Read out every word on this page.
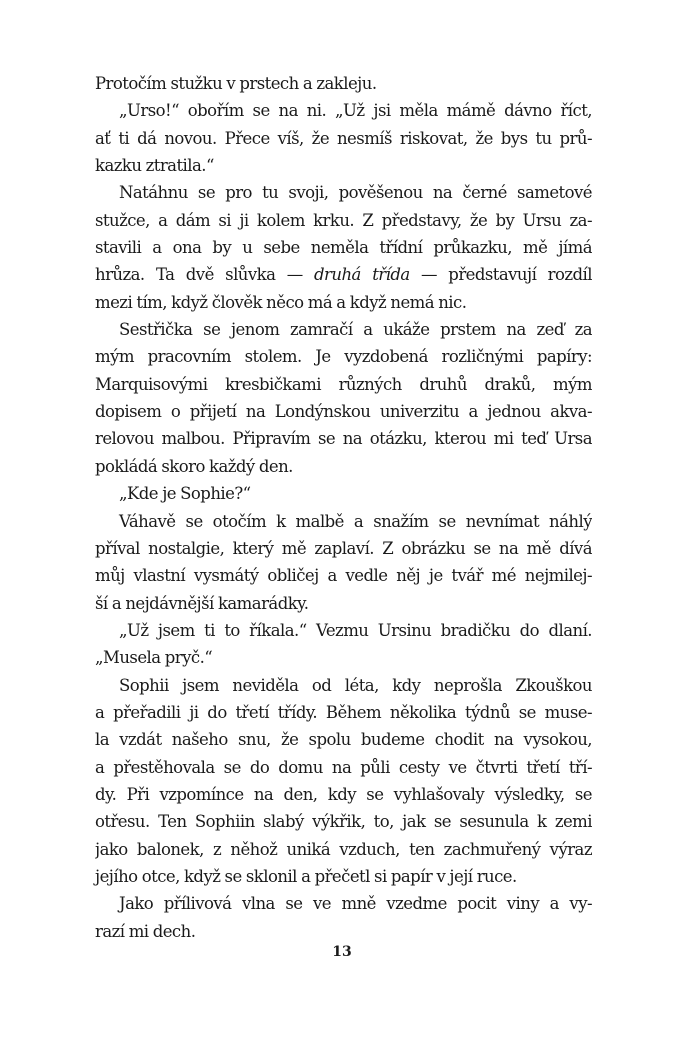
Protočím stužku v prstech a zakleju.
„Urso!“ obořím se na ni. „Už jsi měla mámě dávno říct,
ať ti dá novou. Přece víš, že nesmíš riskovat, že bys tu prů-
kazku ztratila.“
Natáhnu se pro tu svoji, pověšenou na černé sametové
stužce, a dám si ji kolem krku. Z představy, že by Ursu za-
stavili a ona by u sebe neměla třídní průkazku, mě jímá
hrůza. Ta dvě slůvka — druhá třída — představují rozdíl
mezi tím, když člověk něco má a když nemá nic.
Sestřička se jenom zamračí a ukáže prstem na zeď za
mým pracovním stolem. Je vyzdobená rozličnými papíry:
Marquisovými kresbičkami různých druhů draků, mým
dopisem o přijetí na Londýnskou univerzitu a jednou akva-
relovou malbou. Připravím se na otázku, kterou mi teď Ursa
pokládá skoro každý den.
„Kde je Sophie?“
Váhavě se otočím k malbě a snažím se nevnímat náhlý
příval nostalgie, který mě zaplaví. Z obrázku se na mě dívá
můj vlastní vysmátý obličej a vedle něj je tvář mé nejmilej-
ší a nejdávnější kamarádky.
„Už jsem ti to říkala.“ Vezmu Ursinu bradičku do dlaní.
„Musela pryč.“
Sophii jsem neviděla od léta, kdy neprošla Zkouškou
a přeřadili ji do třetí třídy. Během několika týdnů se muse-
la vzdát našeho snu, že spolu budeme chodit na vysokou,
a přestěhovala se do domu na půli cesty ve čtvrti třetí tří-
dy. Při vzpomínce na den, kdy se vyhlašovaly výsledky, se
otřesu. Ten Sophiin slabý výkřik, to, jak se sesunula k zemi
jako balonek, z něhož uniká vzduch, ten zachmuřený výraz
jejího otce, když se sklonil a přečetl si papír v její ruce.
Jako přílivová vlna se ve mně vzedme pocit viny a vy-
razí mi dech.
13
